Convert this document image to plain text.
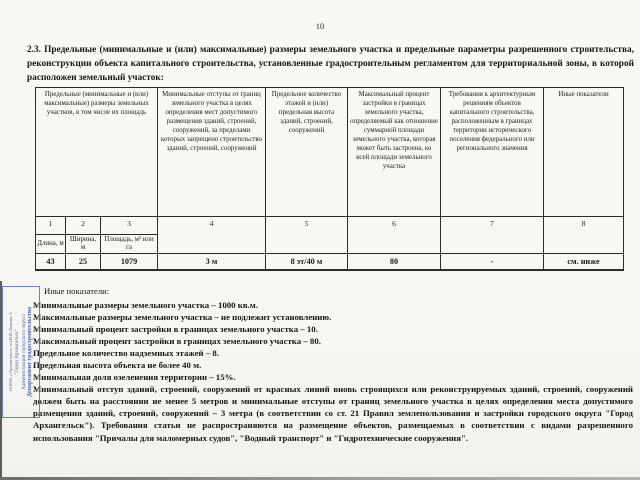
10

2.3. Предельные (минимальные и (или) максимальные) размеры земельного участка и предельные параметры разрешенного строительства, реконструкции объекта капитального строительства, установленные градостроительным регламентом для территориальной зоны, в которой расположен земельный участок:

Предельные (минимальные и (или) максимальные) размеры земельных участков, в том числе их площадь			Минимальные отступы от границ земельного участка в целях определения мест допустимого размещения зданий, строений, сооружений, за пределами которых запрещено строительство зданий, строений, сооружений	Предельное количество этажей и (или) предельная высота зданий, строений, сооружений	Максимальный процент застройки в границах земельного участка, определяемый как отношение суммарной площади земельного участка, которая может быть застроена, ко всей площади земельного участка	Требования к архитектурным решениям объектов капитального строительства, расположенным в границах территории исторического поселения федерального или регионального значения	Иные показатели
1	2	3	4	5	6	7	8
Длина, м	Ширина, м	Площадь, м² или га					
43	25	1079	3 м	8 эт/40 м	80	-	см. ниже

Иные показатели:

Минимальные размеры земельного участка – 1000 кв.м.
Максимальные размеры земельного участка – не подлежит установлению.
Минимальный процент застройки в границах земельного участка – 10.
Максимальный процент застройки в границах земельного участка – 80.
Предельное количество надземных этажей – 8.
Предельная высота объекта не более 40 м.
Минимальная доля озеленения территории – 15%.

Минимальный отступ зданий, строений, сооружений от красных линий вновь строящихся или реконструируемых зданий, строений, сооружений должен быть на расстоянии не менее 5 метров и минимальные отступы от границ земельного участка в целях определения места допустимого размещения зданий, строений, сооружений – 3 метра (в соответствии со ст. 21 Правил землепользования и застройки городского округа "Город Архангельск"). Требования статьи не распространяются на размещение объектов, размещаемых в соответствии с видами разрешенного использования "Причалы для маломерных судов", "Водный транспорт" и "Гидротехнические сооружения".

Департамент градостроительства
Администрации городского округа
"Город Архангельск"
163000, г.Архангельск, пл.В.И.Ленина, 5
